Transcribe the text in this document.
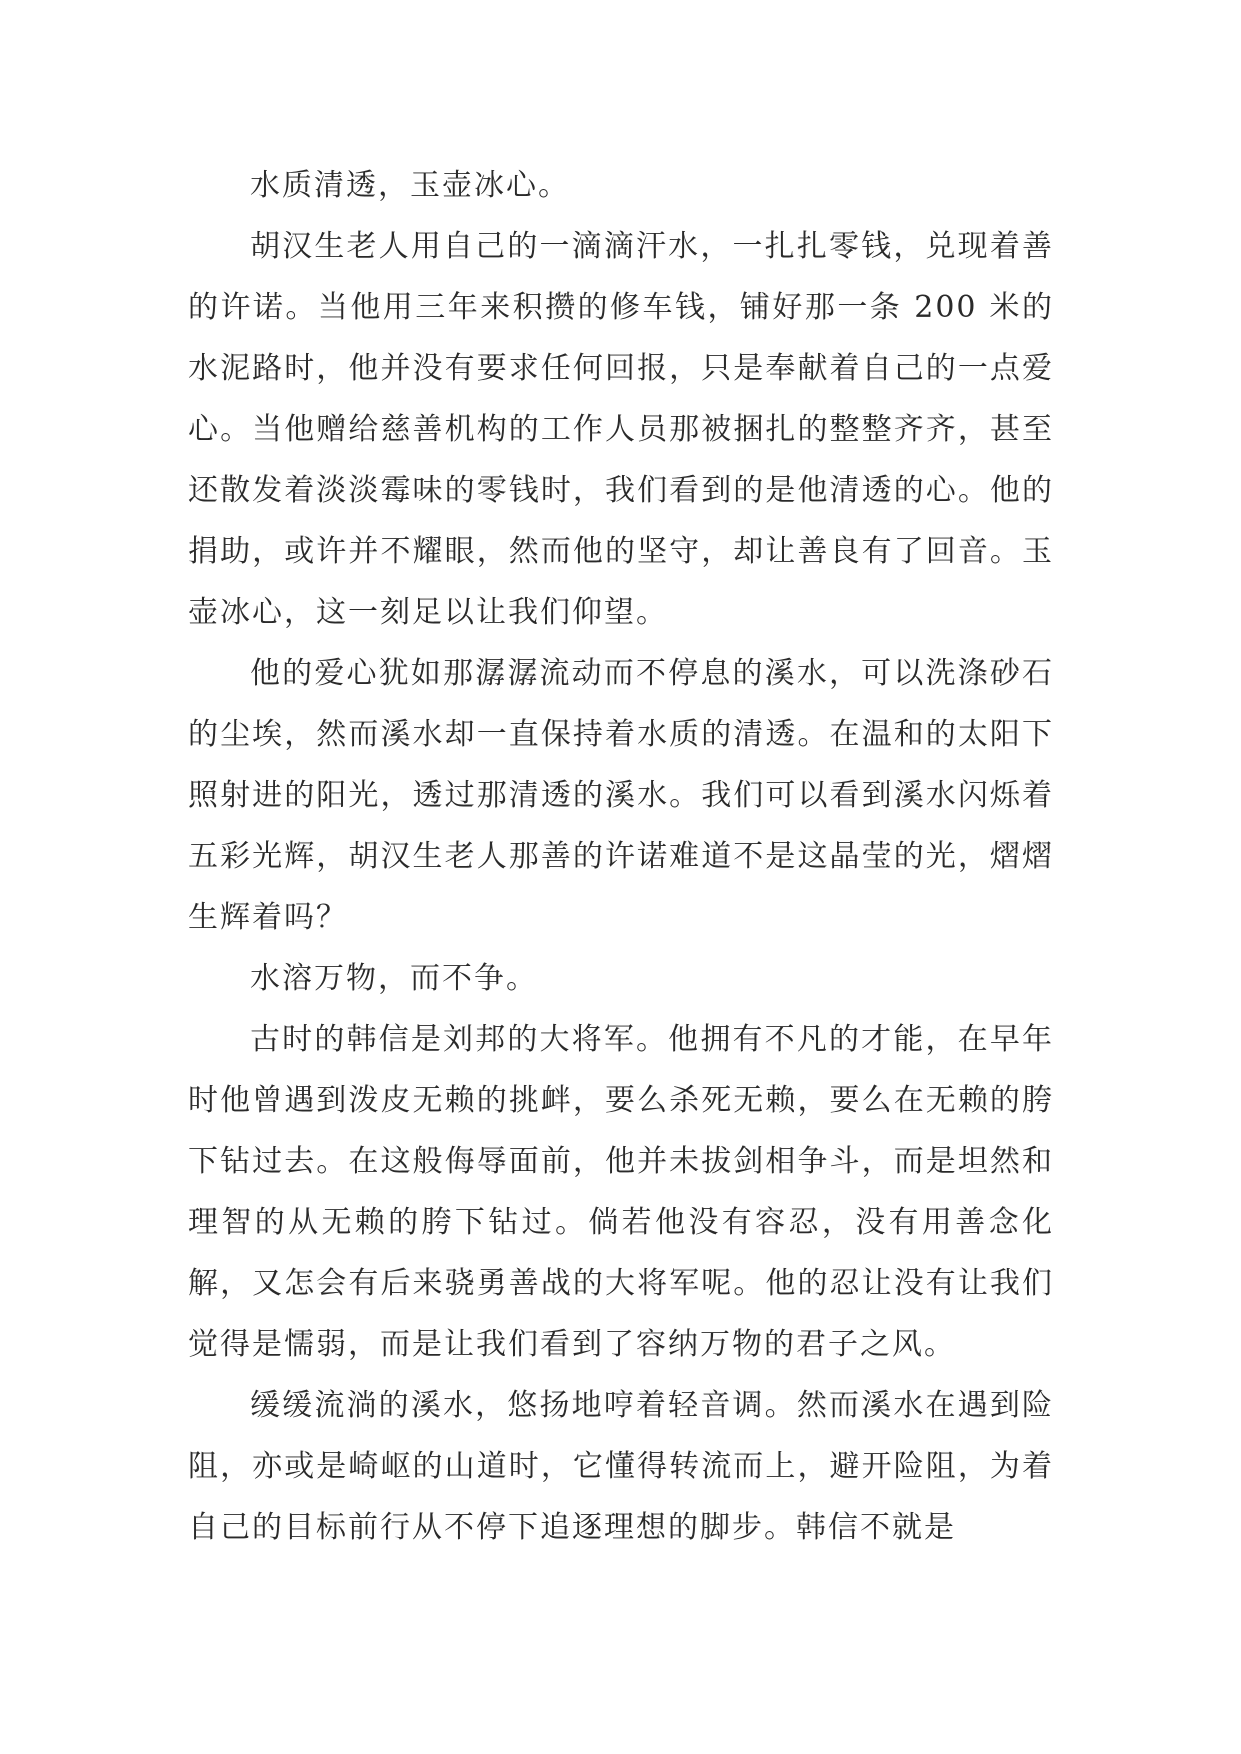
水质清透，玉壶冰心。

胡汉生老人用自己的一滴滴汗水，一扎扎零钱，兑现着善的许诺。当他用三年来积攒的修车钱，铺好那一条 200 米的水泥路时，他并没有要求任何回报，只是奉献着自己的一点爱心。当他赠给慈善机构的工作人员那被捆扎的整整齐齐，甚至还散发着淡淡霉味的零钱时，我们看到的是他清透的心。他的捐助，或许并不耀眼，然而他的坚守，却让善良有了回音。玉壶冰心，这一刻足以让我们仰望。

他的爱心犹如那潺潺流动而不停息的溪水，可以洗涤砂石的尘埃，然而溪水却一直保持着水质的清透。在温和的太阳下照射进的阳光，透过那清透的溪水。我们可以看到溪水闪烁着五彩光辉，胡汉生老人那善的许诺难道不是这晶莹的光，熠熠生辉着吗？

水溶万物，而不争。

古时的韩信是刘邦的大将军。他拥有不凡的才能，在早年时他曾遇到泼皮无赖的挑衅，要么杀死无赖，要么在无赖的胯下钻过去。在这般侮辱面前，他并未拔剑相争斗，而是坦然和理智的从无赖的胯下钻过。倘若他没有容忍，没有用善念化解，又怎会有后来骁勇善战的大将军呢。他的忍让没有让我们觉得是懦弱，而是让我们看到了容纳万物的君子之风。

缓缓流淌的溪水，悠扬地哼着轻音调。然而溪水在遇到险阻，亦或是崎岖的山道时，它懂得转流而上，避开险阻，为着自己的目标前行从不停下追逐理想的脚步。韩信不就是
